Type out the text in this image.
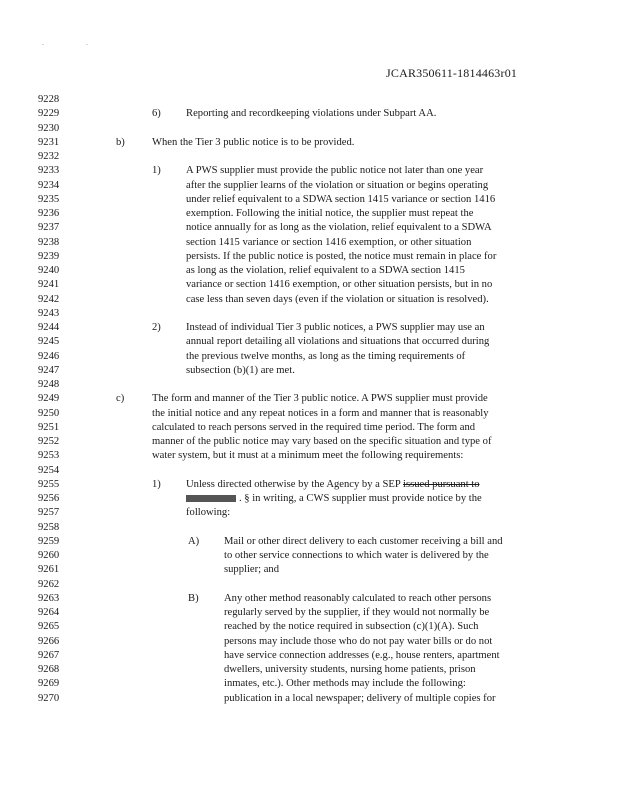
. .
JCAR350611-1814463r01
9228
9229	6) Reporting and recordkeeping violations under Subpart AA.
9230
9231	b)	When the Tier 3 public notice is to be provided.
9232
9233	1) A PWS supplier must provide the public notice not later than one year
9234	after the supplier learns of the violation or situation or begins operating
9235	under relief equivalent to a SDWA section 1415 variance or section 1416
9236	exemption. Following the initial notice, the supplier must repeat the
9237	notice annually for as long as the violation, relief equivalent to a SDWA
9238	section 1415 variance or section 1416 exemption, or other situation
9239	persists. If the public notice is posted, the notice must remain in place for
9240	as long as the violation, relief equivalent to a SDWA section 1415
9241	variance or section 1416 exemption, or other situation persists, but in no
9242	case less than seven days (even if the violation or situation is resolved).
9243
9244	2) Instead of individual Tier 3 public notices, a PWS supplier may use an
9245	annual report detailing all violations and situations that occurred during
9246	the previous twelve months, as long as the timing requirements of
9247	subsection (b)(1) are met.
9248
9249	c)	The form and manner of the Tier 3 public notice. A PWS supplier must provide
9250	the initial notice and any repeat notices in a form and manner that is reasonably
9251	calculated to reach persons served in the required time period. The form and
9252	manner of the public notice may vary based on the specific situation and type of
9253	water system, but it must at a minimum meet the following requirements:
9254
9255	1) Unless directed otherwise by the Agency by a SEP issued pursuant to
9256	. § in writing, a CWS supplier must provide notice by the
9257	following:
9258
9259	A) Mail or other direct delivery to each customer receiving a bill and
9260	to other service connections to which water is delivered by the
9261	supplier; and
9262
9263	B) Any other method reasonably calculated to reach other persons
9264	regularly served by the supplier, if they would not normally be
9265	reached by the notice required in subsection (c)(1)(A). Such
9266	persons may include those who do not pay water bills or do not
9267	have service connection addresses (e.g., house renters, apartment
9268	dwellers, university students, nursing home patients, prison
9269	inmates, etc.). Other methods may include the following:
9270	publication in a local newspaper; delivery of multiple copies for
